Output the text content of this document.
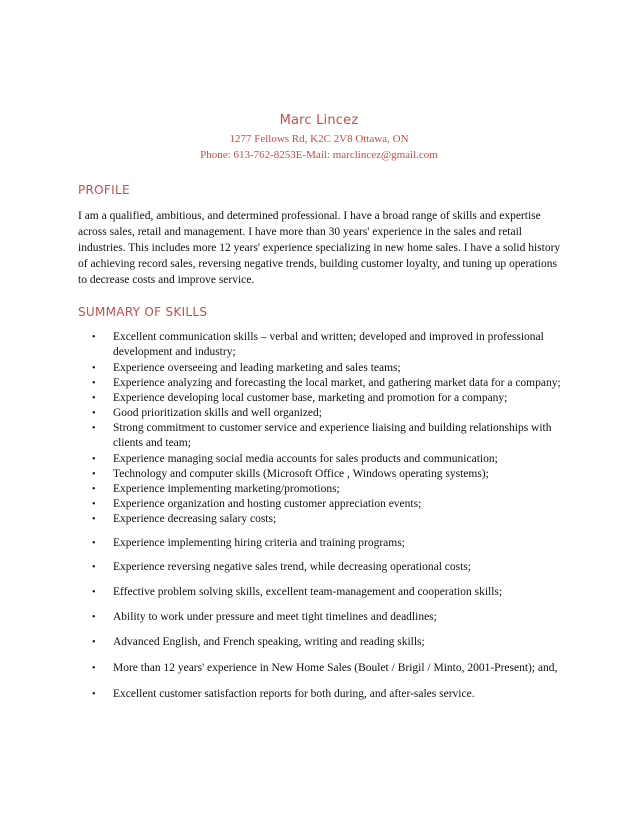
Marc Lincez
1277 Fellows Rd, K2C 2V8 Ottawa, ON
Phone: 613-762-8253E-Mail: marclincez@gmail.com
PROFILE

I am a qualified, ambitious, and determined professional. I have a broad range of skills and expertise across sales, retail and management. I have more than 30 years' experience in the sales and retail industries. This includes more 12 years' experience specializing in new home sales. I have a solid history of achieving record sales, reversing negative trends, building customer loyalty, and tuning up operations to decrease costs and improve service.

SUMMARY OF SKILLS
• Excellent communication skills – verbal and written; developed and improved in professional development and industry;
• Experience overseeing and leading marketing and sales teams;
• Experience analyzing and forecasting the local market, and gathering market data for a company;
• Experience developing local customer base, marketing and promotion for a company;
• Good prioritization skills and well organized;
• Strong commitment to customer service and experience liaising and building relationships with clients and team;
• Experience managing social media accounts for sales products and communication;
• Technology and computer skills (Microsoft Office , Windows operating systems);
• Experience implementing marketing/promotions;
• Experience organization and hosting customer appreciation events;
• Experience decreasing salary costs;
• Experience implementing hiring criteria and training programs;
• Experience reversing negative sales trend, while decreasing operational costs;
• Effective problem solving skills, excellent team-management and cooperation skills;
• Ability to work under pressure and meet tight timelines and deadlines;
• Advanced English, and French speaking, writing and reading skills;
• More than 12 years' experience in New Home Sales (Boulet / Brigil / Minto, 2001-Present); and,
• Excellent customer satisfaction reports for both during, and after-sales service.
